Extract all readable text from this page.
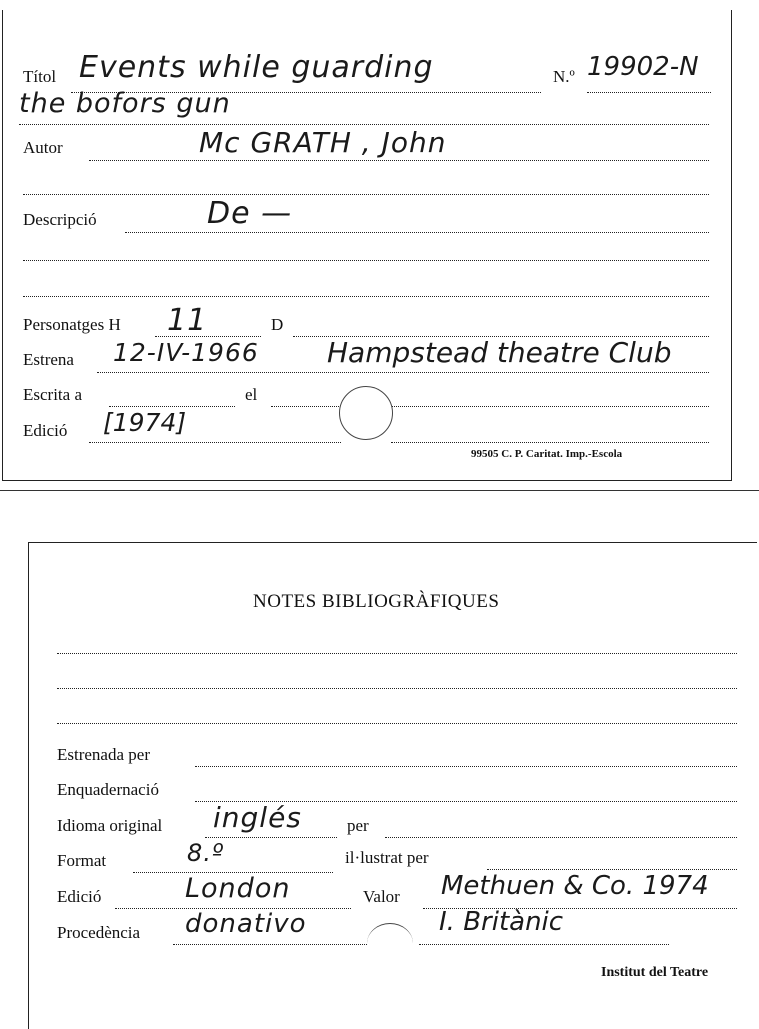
Títol Events while guarding	N.º 19902-N
the bofors gun
Autor	Mc GRATH , John
Descripció	De —
Personatges H 11	D
Estrena 12-IV-1966 Hampstead theatre Club
Escrita a	el
Edició [1974]
99505 C. P. Caritat. Imp.-Escola
NOTES BIBLIOGRÀFIQUES
Estrenada per
Enquadernació
Idioma original inglés	per
Format	8.º	il·lustrat per
Edició	London	Valor Methuen & Co. 1974
Procedència donativo	I. Britànic
Institut del Teatre
